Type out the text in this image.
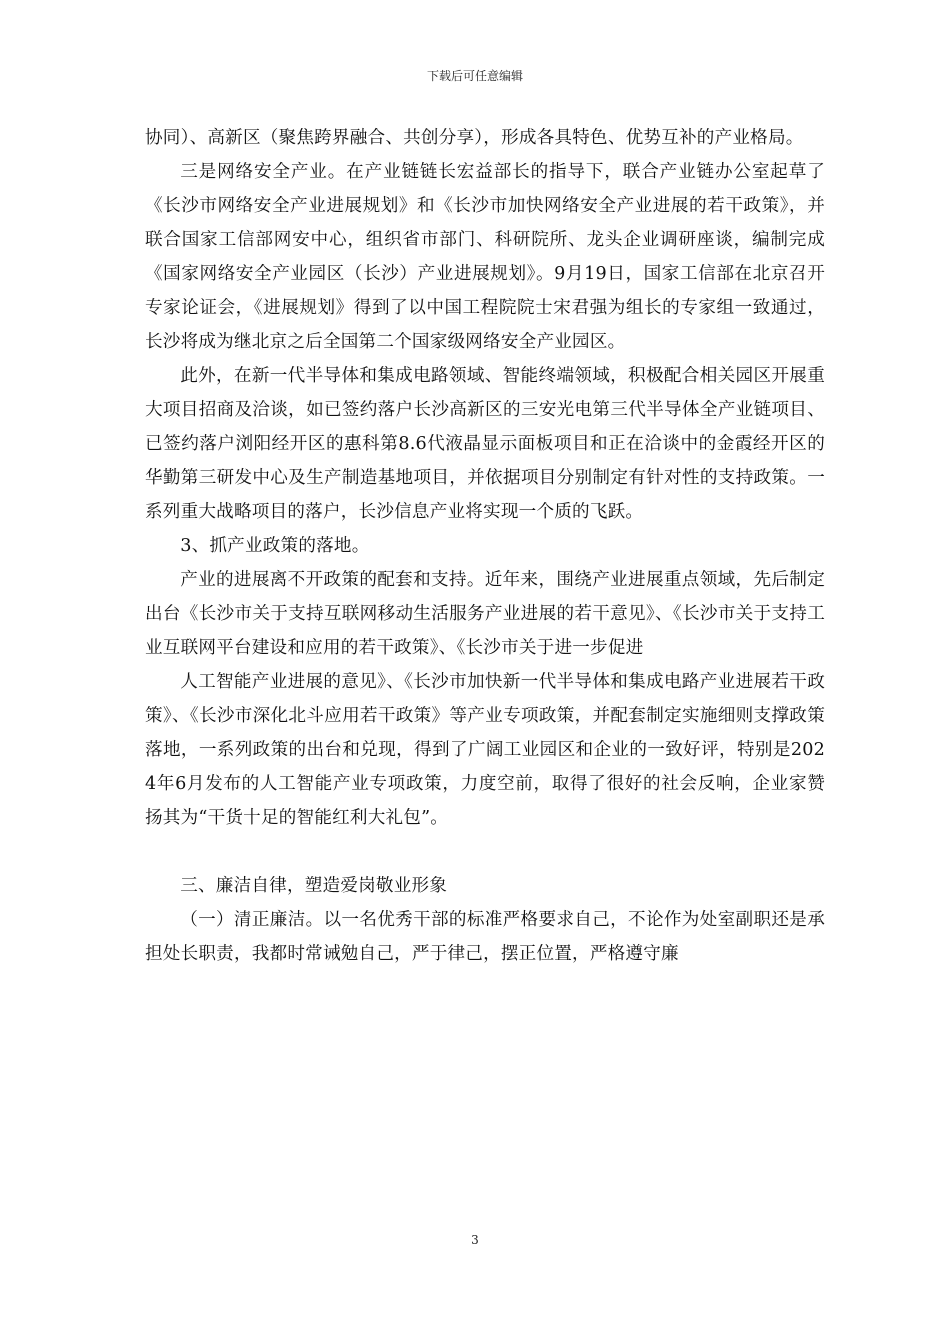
下载后可任意编辑

协同）、高新区（聚焦跨界融合、共创分享），形成各具特色、优势互补的产业格局。

三是网络安全产业。在产业链链长宏益部长的指导下，联合产业链办公室起草了《长沙市网络安全产业进展规划》和《长沙市加快网络安全产业进展的若干政策》，并联合国家工信部网安中心，组织省市部门、科研院所、龙头企业调研座谈，编制完成《国家网络安全产业园区（长沙）产业进展规划》。9月19日，国家工信部在北京召开专家论证会，《进展规划》得到了以中国工程院院士宋君强为组长的专家组一致通过，长沙将成为继北京之后全国第二个国家级网络安全产业园区。

此外，在新一代半导体和集成电路领域、智能终端领域，积极配合相关园区开展重大项目招商及洽谈，如已签约落户长沙高新区的三安光电第三代半导体全产业链项目、已签约落户浏阳经开区的惠科第8.6代液晶显示面板项目和正在洽谈中的金霞经开区的华勤第三研发中心及生产制造基地项目，并依据项目分别制定有针对性的支持政策。一系列重大战略项目的落户，长沙信息产业将实现一个质的飞跃。

3、抓产业政策的落地。

产业的进展离不开政策的配套和支持。近年来，围绕产业进展重点领域，先后制定出台《长沙市关于支持互联网移动生活服务产业进展的若干意见》、《长沙市关于支持工业互联网平台建设和应用的若干政策》、《长沙市关于进一步促进

人工智能产业进展的意见》、《长沙市加快新一代半导体和集成电路产业进展若干政策》、《长沙市深化北斗应用若干政策》等产业专项政策，并配套制定实施细则支撑政策落地，一系列政策的出台和兑现，得到了广阔工业园区和企业的一致好评，特别是2024年6月发布的人工智能产业专项政策，力度空前，取得了很好的社会反响，企业家赞扬其为“干货十足的智能红利大礼包”。

三、廉洁自律，塑造爱岗敬业形象

（一）清正廉洁。以一名优秀干部的标准严格要求自己，不论作为处室副职还是承担处长职责，我都时常诫勉自己，严于律己，摆正位置，严格遵守廉

3
